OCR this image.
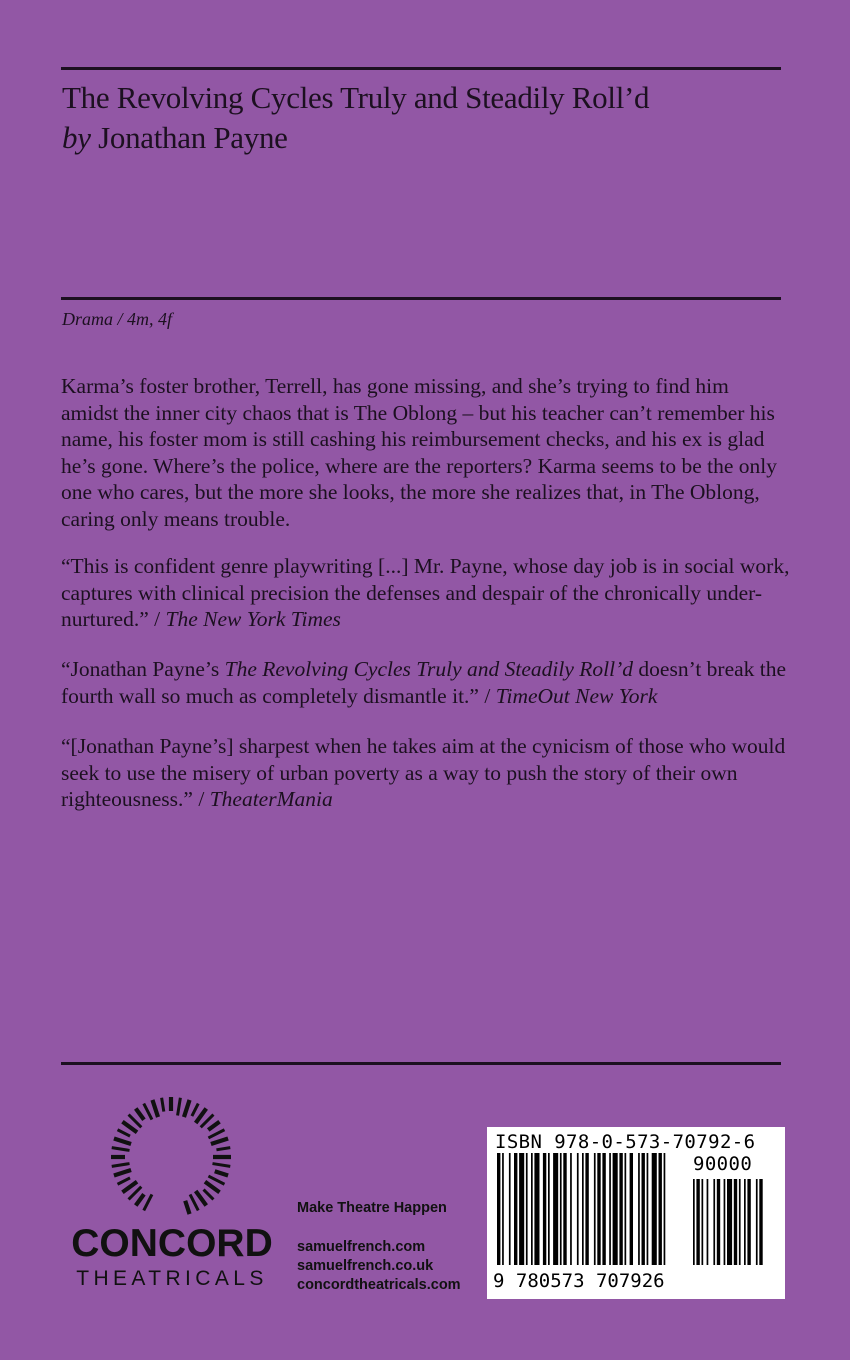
The Revolving Cycles Truly and Steadily Roll’d
by Jonathan Payne
Drama / 4m, 4f

Karma’s foster brother, Terrell, has gone missing, and she’s trying to find him amidst the inner city chaos that is The Oblong – but his teacher can’t remember his name, his foster mom is still cashing his reimbursement checks, and his ex is glad he’s gone. Where’s the police, where are the reporters? Karma seems to be the only one who cares, but the more she looks, the more she realizes that, in The Oblong, caring only means trouble.

“This is confident genre playwriting [...] Mr. Payne, whose day job is in social work, captures with clinical precision the defenses and despair of the chronically under-nurtured.” / The New York Times

“Jonathan Payne’s The Revolving Cycles Truly and Steadily Roll’d doesn’t break the fourth wall so much as completely dismantle it.” / TimeOut New York

“[Jonathan Payne’s] sharpest when he takes aim at the cynicism of those who would seek to use the misery of urban poverty as a way to push the story of their own righteousness.” / TheaterMania

CONCORD
THEATRICALS
Make Theatre Happen
samuelfrench.com
samuelfrench.co.uk
concordtheatricals.com
ISBN 978-0-573-70792-6
90000
9 780573 707926
